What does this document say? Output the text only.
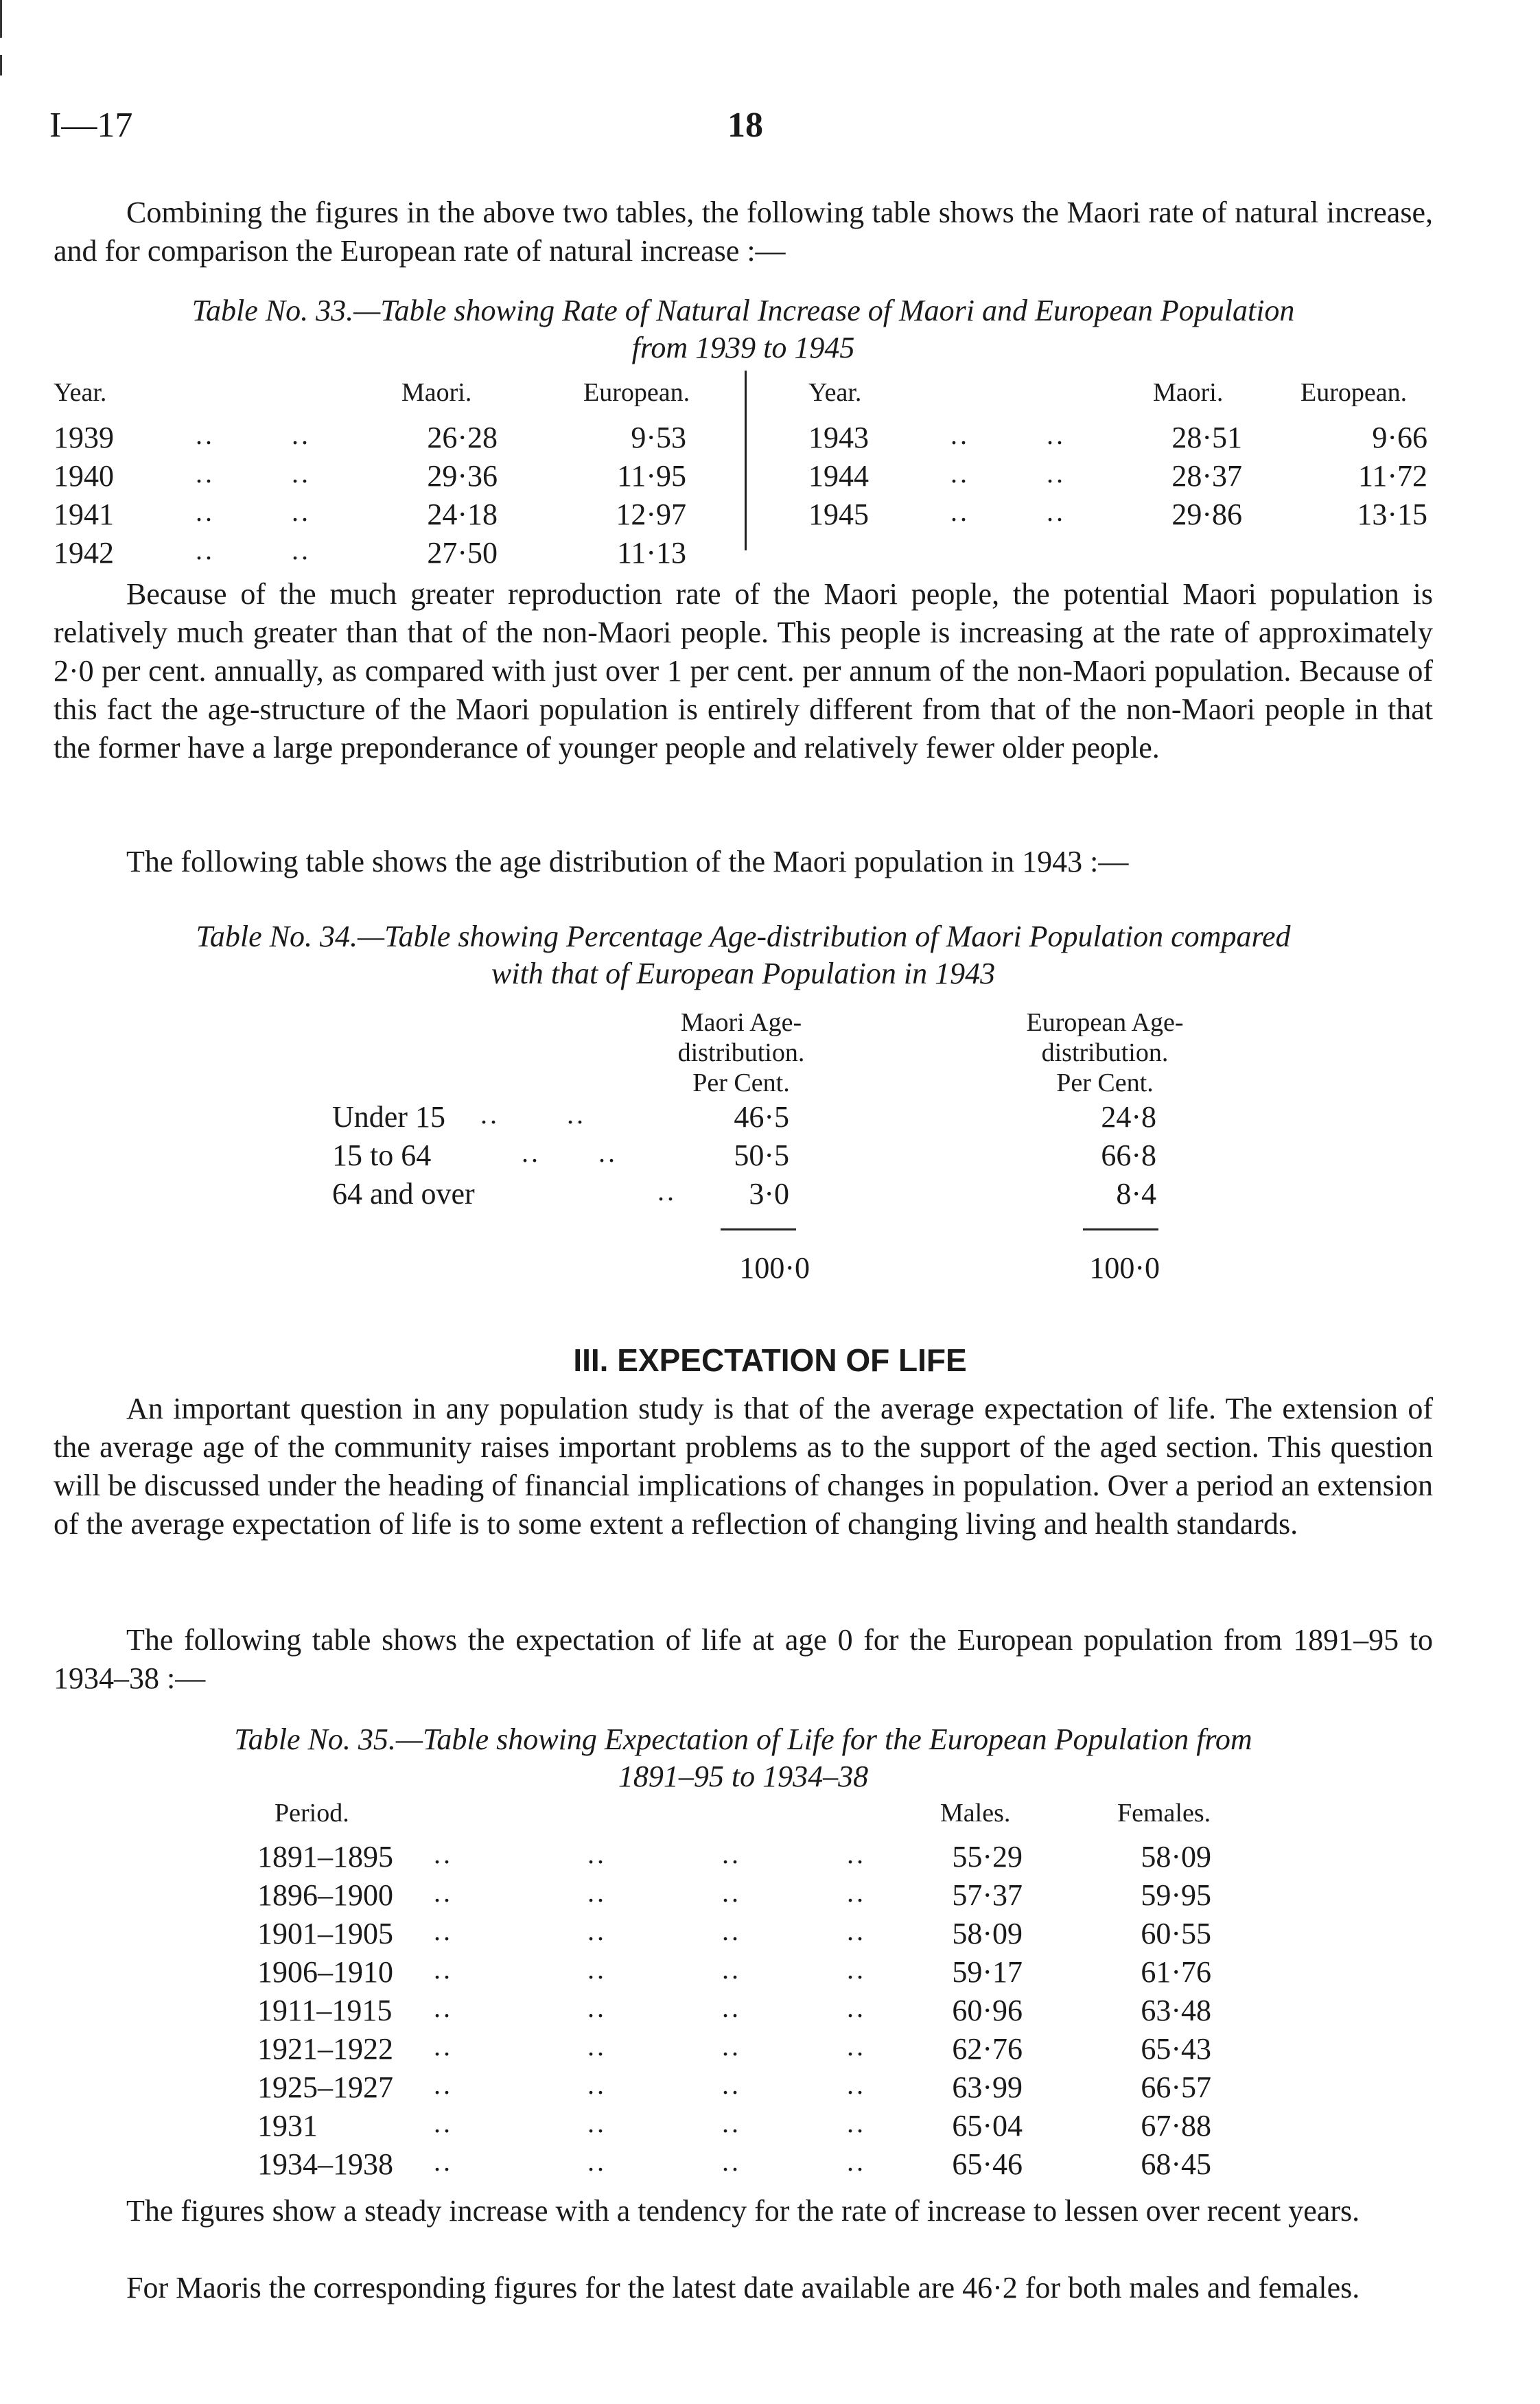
I—17	18
Combining the figures in the above two tables, the following table shows the Maori rate of natural increase, and for comparison the European rate of natural increase :—
Table No. 33.—Table showing Rate of Natural Increase of Maori and European Population
from 1939 to 1945
Year.	Maori.	European.	Year.	Maori.	European.
1939	..        ..	26·28	9·53
1940	..        ..	29·36	11·95
1941	..        ..	24·18	12·97
1942	..        ..	27·50	11·13
1943	..        ..	28·51	9·66
1944	..        ..	28·37	11·72
1945	..        ..	29·86	13·15
Because of the much greater reproduction rate of the Maori people, the potential Maori population is relatively much greater than that of the non-Maori people. This people is increasing at the rate of approximately 2·0 per cent. annually, as compared with just over 1 per cent. per annum of the non-Maori population. Because of this fact the age-structure of the Maori population is entirely different from that of the non-Maori people in that the former have a large preponderance of younger people and relatively fewer older people.
The following table shows the age distribution of the Maori population in 1943 :—
Table No. 34.—Table showing Percentage Age-distribution of Maori Population compared
with that of European Population in 1943
Maori Age-
distribution.
Per Cent.
European Age-
distribution.
Per Cent.
Under 15 ..       ..	46·5	24·8
15 to 64	..      ..	50·5	66·8
64 and over	..	3·0	8·4
100·0	100·0
III. EXPECTATION OF LIFE
An important question in any population study is that of the average expectation of life. The extension of the average age of the community raises important problems as to the support of the aged section. This question will be discussed under the heading of financial implications of changes in population. Over a period an extension of the average expectation of life is to some extent a reflection of changing living and health standards.
The following table shows the expectation of life at age 0 for the European population from 1891–95 to 1934–38 :—
Table No. 35.—Table showing Expectation of Life for the European Population from
1891–95 to 1934–38
Period.	Males.	Females.
1891–1895 ..              ..            ..           ..	55·29	58·09
1896–1900 ..              ..            ..           ..	57·37	59·95
1901–1905 ..              ..            ..           ..	58·09	60·55
1906–1910 ..              ..            ..           ..	59·17	61·76
1911–1915 ..              ..            ..           ..	60·96	63·48
1921–1922 ..              ..            ..           ..	62·76	65·43
1925–1927 ..              ..            ..           ..	63·99	66·57
1931	..              ..            ..           ..	65·04	67·88
1934–1938 ..              ..            ..           ..	65·46	68·45
The figures show a steady increase with a tendency for the rate of increase to lessen over recent years.
For Maoris the corresponding figures for the latest date available are 46·2 for both males and females.
